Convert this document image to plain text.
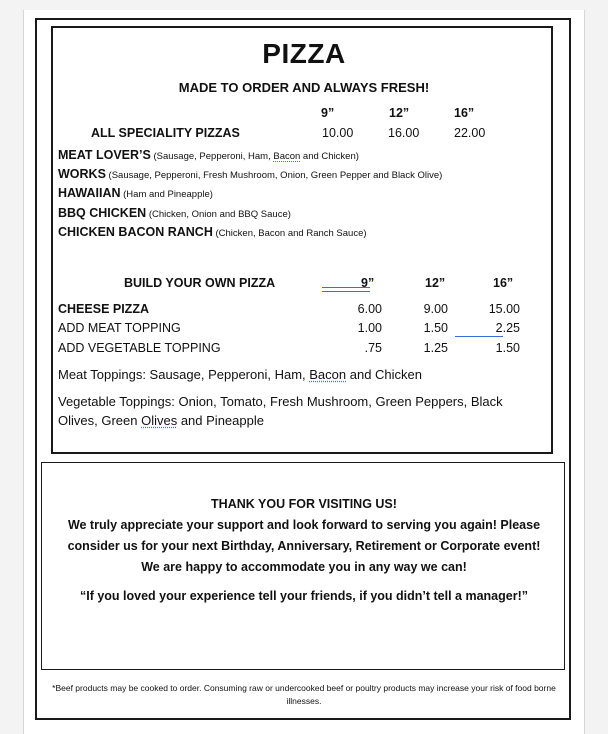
PIZZA
MADE TO ORDER AND ALWAYS FRESH!
9”	12”	16”
ALL SPECIALITY PIZZAS	10.00	16.00	22.00
MEAT LOVER’S (Sausage, Pepperoni, Ham, Bacon and Chicken)
WORKS (Sausage, Pepperoni, Fresh Mushroom, Onion, Green Pepper and Black Olive)
HAWAIIAN (Ham and Pineapple)
BBQ CHICKEN (Chicken, Onion and BBQ Sauce)
CHICKEN BACON RANCH (Chicken, Bacon and Ranch Sauce)
BUILD YOUR OWN PIZZA	9”	12”	16”
CHEESE PIZZA	6.00	9.00	15.00
ADD MEAT TOPPING	1.00	1.50	2.25
ADD VEGETABLE TOPPING	.75	1.25	1.50
Meat Toppings: Sausage, Pepperoni, Ham, Bacon and Chicken
Vegetable Toppings: Onion, Tomato, Fresh Mushroom, Green Peppers, Black
Olives, Green Olives and Pineapple
THANK YOU FOR VISITING US!
We truly appreciate your support and look forward to serving you again! Please
consider us for your next Birthday, Anniversary, Retirement or Corporate event!
We are happy to accommodate you in any way we can!
“If you loved your experience tell your friends, if you didn’t tell a manager!”
*Beef products may be cooked to order. Consuming raw or undercooked beef or poultry products may increase your risk of food borne illnesses.
